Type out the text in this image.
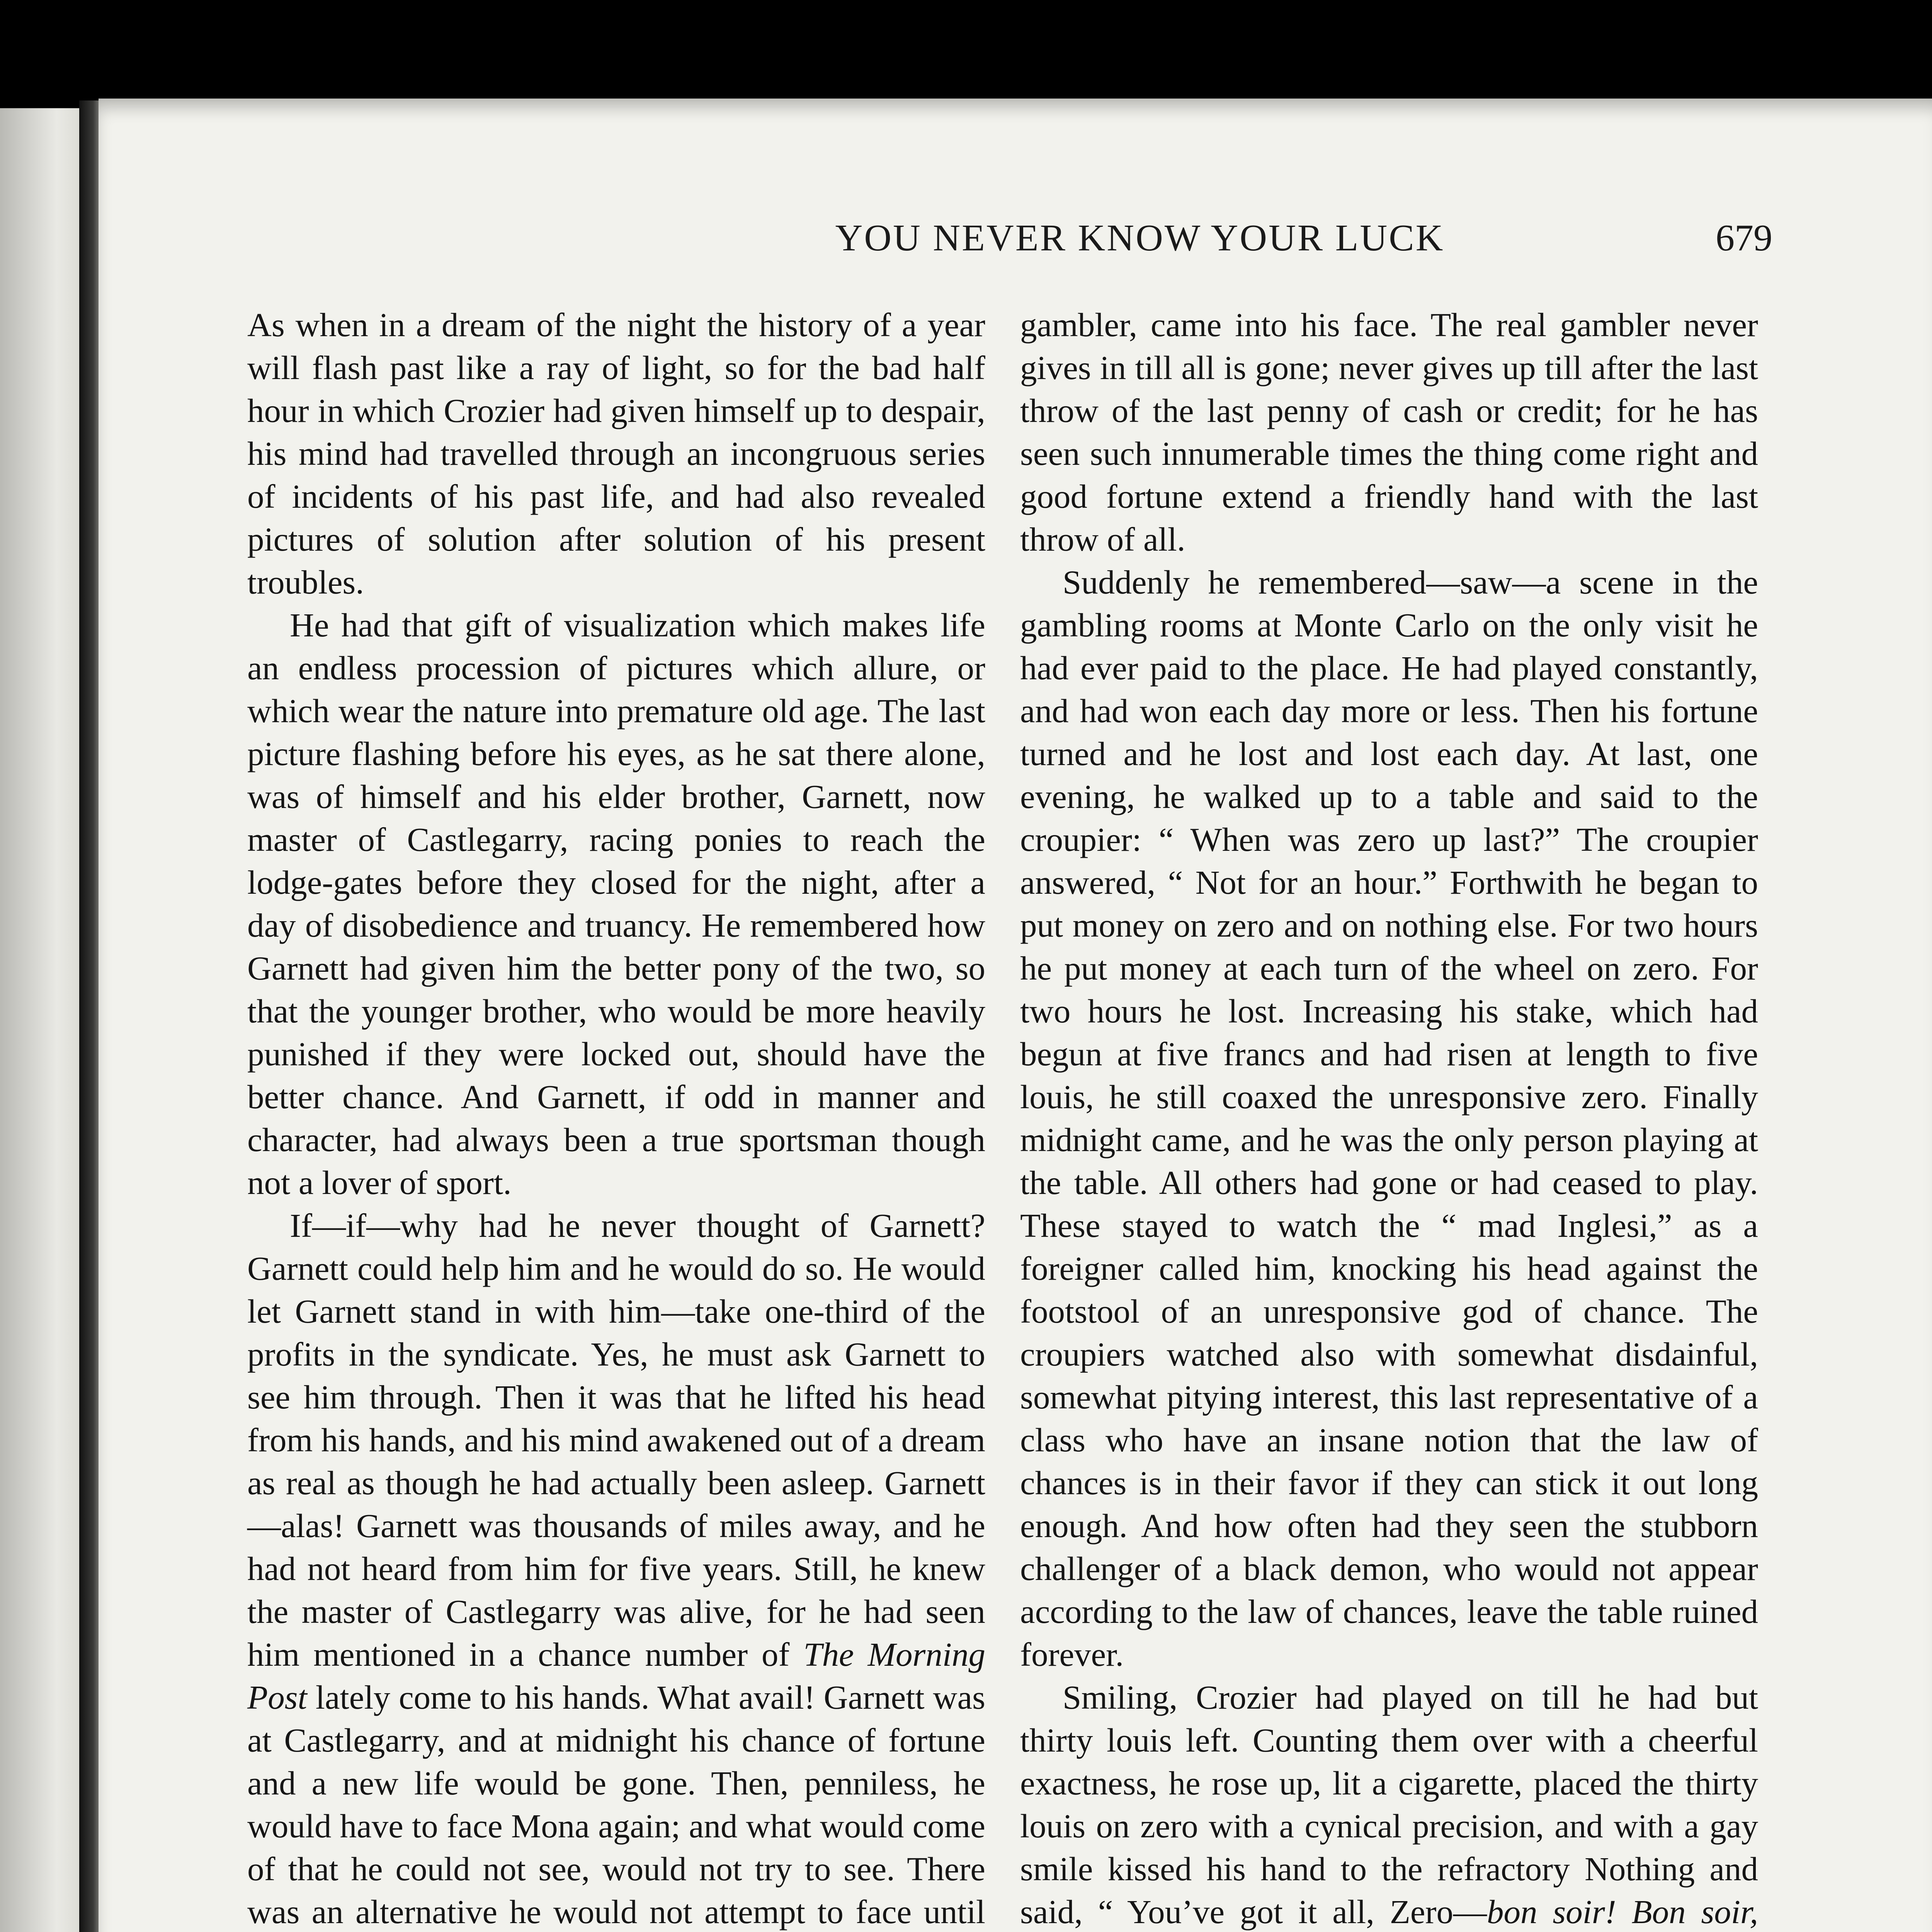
YOU NEVER KNOW YOUR LUCK	679

As when in a dream of the night the history of a year will flash past like a ray of light, so for the bad half hour in which Crozier had given himself up to despair, his mind had travelled through an incongruous series of incidents of his past life, and had also revealed pictures of solution after solution of his present troubles.

He had that gift of visualization which makes life an endless procession of pictures which allure, or which wear the nature into premature old age. The last picture flashing before his eyes, as he sat there alone, was of himself and his elder brother, Garnett, now master of Castlegarry, racing ponies to reach the lodge-gates before they closed for the night, after a day of disobedience and truancy. He remembered how Garnett had given him the better pony of the two, so that the younger brother, who would be more heavily punished if they were locked out, should have the better chance. And Garnett, if odd in manner and character, had always been a true sportsman though not a lover of sport.

If—if—why had he never thought of Garnett? Garnett could help him and he would do so. He would let Garnett stand in with him—take one-third of the profits in the syndicate. Yes, he must ask Garnett to see him through. Then it was that he lifted his head from his hands, and his mind awakened out of a dream as real as though he had actually been asleep. Garnett—alas! Garnett was thousands of miles away, and he had not heard from him for five years. Still, he knew the master of Castlegarry was alive, for he had seen him mentioned in a chance number of The Morning Post lately come to his hands. What avail! Garnett was at Castlegarry, and at midnight his chance of fortune and a new life would be gone. Then, penniless, he would have to face Mona again; and what would come of that he could not see, would not try to see. There was an alternative he would not attempt to face until

gambler, came into his face. The real gambler never gives in till all is gone; never gives up till after the last throw of the last penny of cash or credit; for he has seen such innumerable times the thing come right and good fortune extend a friendly hand with the last throw of all.

Suddenly he remembered—saw—a scene in the gambling rooms at Monte Carlo on the only visit he had ever paid to the place. He had played constantly, and had won each day more or less. Then his fortune turned and he lost and lost each day. At last, one evening, he walked up to a table and said to the croupier: “ When was zero up last?” The croupier answered, “ Not for an hour.” Forthwith he began to put money on zero and on nothing else. For two hours he put money at each turn of the wheel on zero. For two hours he lost. Increasing his stake, which had begun at five francs and had risen at length to five louis, he still coaxed the unresponsive zero. Finally midnight came, and he was the only person playing at the table. All others had gone or had ceased to play. These stayed to watch the “ mad Inglesi,” as a foreigner called him, knocking his head against the footstool of an unresponsive god of chance. The croupiers watched also with somewhat disdainful, somewhat pitying interest, this last representative of a class who have an insane notion that the law of chances is in their favor if they can stick it out long enough. And how often had they seen the stubborn challenger of a black demon, who would not appear according to the law of chances, leave the table ruined forever.

Smiling, Crozier had played on till he had but thirty louis left. Counting them over with a cheerful exactness, he rose up, lit a cigarette, placed the thirty louis on zero with a cynical precision, and with a gay smile kissed his hand to the refractory Nothing and said, “ You’ve got it all, Zero—bon soir! Bon soir,
